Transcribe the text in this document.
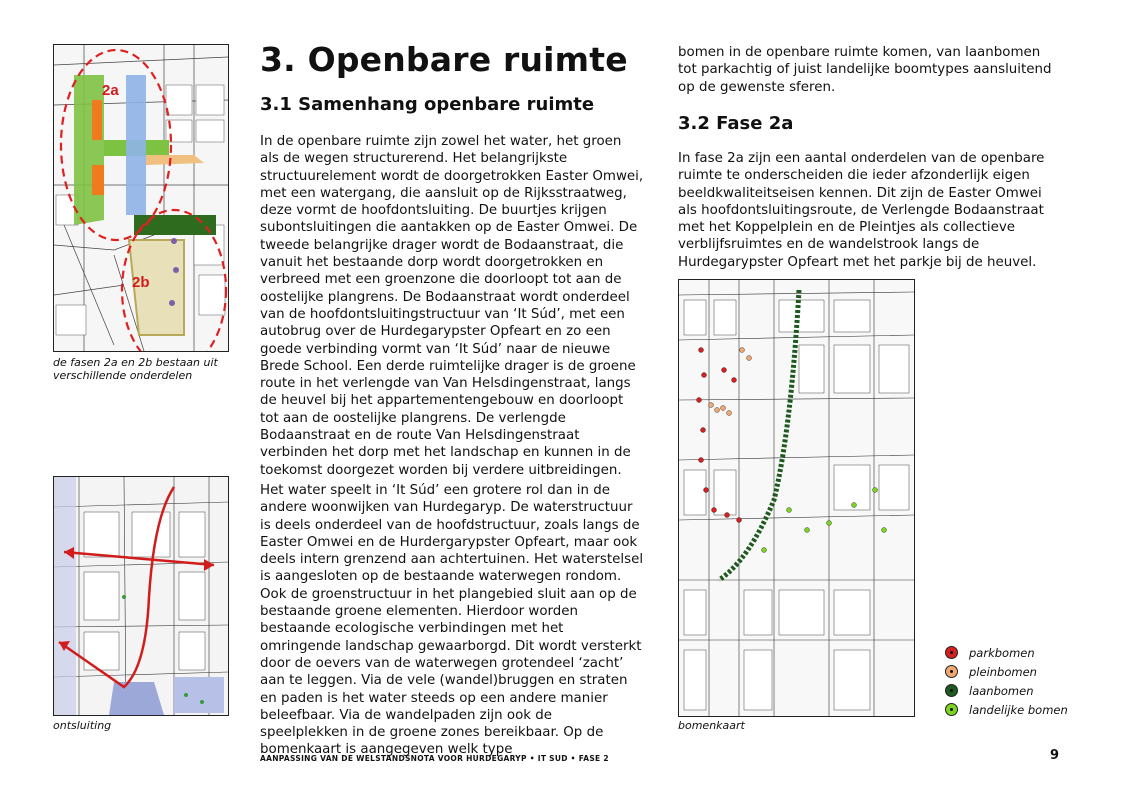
2a
2b
de fasen 2a en 2b bestaan uit verschillende onderdelen
ontsluiting
3. Openbare ruimte
3.1 Samenhang openbare ruimte

In de openbare ruimte zijn zowel het water, het groen als de wegen structurerend. Het belangrijkste structuurelement wordt de doorgetrokken Easter Omwei, met een watergang, die aansluit op de Rijksstraatweg, deze vormt de hoofdontsluiting. De buurtjes krijgen subontsluitingen die aantakken op de Easter Omwei. De tweede belangrijke drager wordt de Bodaanstraat, die vanuit het bestaande dorp wordt doorgetrokken en verbreed met een groenzone die doorloopt tot aan de oostelijke plangrens. De Bodaanstraat wordt onderdeel van de hoofdontsluitingstructuur van ‘It Súd’, met een autobrug over de Hurdegarypster Opfeart en zo een goede verbinding vormt van ‘It Súd’ naar de nieuwe Brede School. Een derde ruimtelijke drager is de groene route in het verlengde van Van Helsdingenstraat, langs de heuvel bij het appartementengebouw en doorloopt tot aan de oostelijke plangrens. De verlengde Bodaanstraat en de route Van Helsdingenstraat verbinden het dorp met het landschap en kunnen in de toekomst doorgezet worden bij verdere uitbreidingen.

Het water speelt in ‘It Súd’ een grotere rol dan in de andere woonwijken van Hurdegaryp. De waterstructuur is deels onderdeel van de hoofdstructuur, zoals langs de Easter Omwei en de Hurdergarypster Opfeart, maar ook deels intern grenzend aan achtertuinen. Het waterstelsel is aangesloten op de bestaande waterwegen rondom. Ook de groenstructuur in het plangebied sluit aan op de bestaande groene elementen. Hierdoor worden bestaande ecologische verbindingen met het omringende landschap gewaarborgd. Dit wordt versterkt door de oevers van de waterwegen grotendeel ‘zacht’ aan te leggen. Via de vele (wandel)bruggen en straten en paden is het water steeds op een andere manier beleefbaar. Via de wandelpaden zijn ook de speelplekken in de groene zones bereikbaar. Op de bomenkaart is aangegeven welk type

bomen in de openbare ruimte komen, van laanbomen tot parkachtig of juist landelijke boomtypes aansluitend op de gewenste sferen.

3.2 Fase 2a

In fase 2a zijn een aantal onderdelen van de openbare ruimte te onderscheiden die ieder afzonderlijk eigen beeldkwaliteitseisen kennen. Dit zijn de Easter Omwei als hoofdontsluitingsroute, de Verlengde Bodaanstraat met het Koppelplein en de Pleintjes als collectieve verblijfsruimtes en de wandelstrook langs de Hurdegarypster Opfeart met het parkje bij de heuvel.

bomenkaart
parkbomen
pleinbomen
laanbomen
landelijke bomen
AANPASSING VAN DE WELSTANDSNOTA VOOR HURDEGARYP • IT SUD • FASE 2	9
